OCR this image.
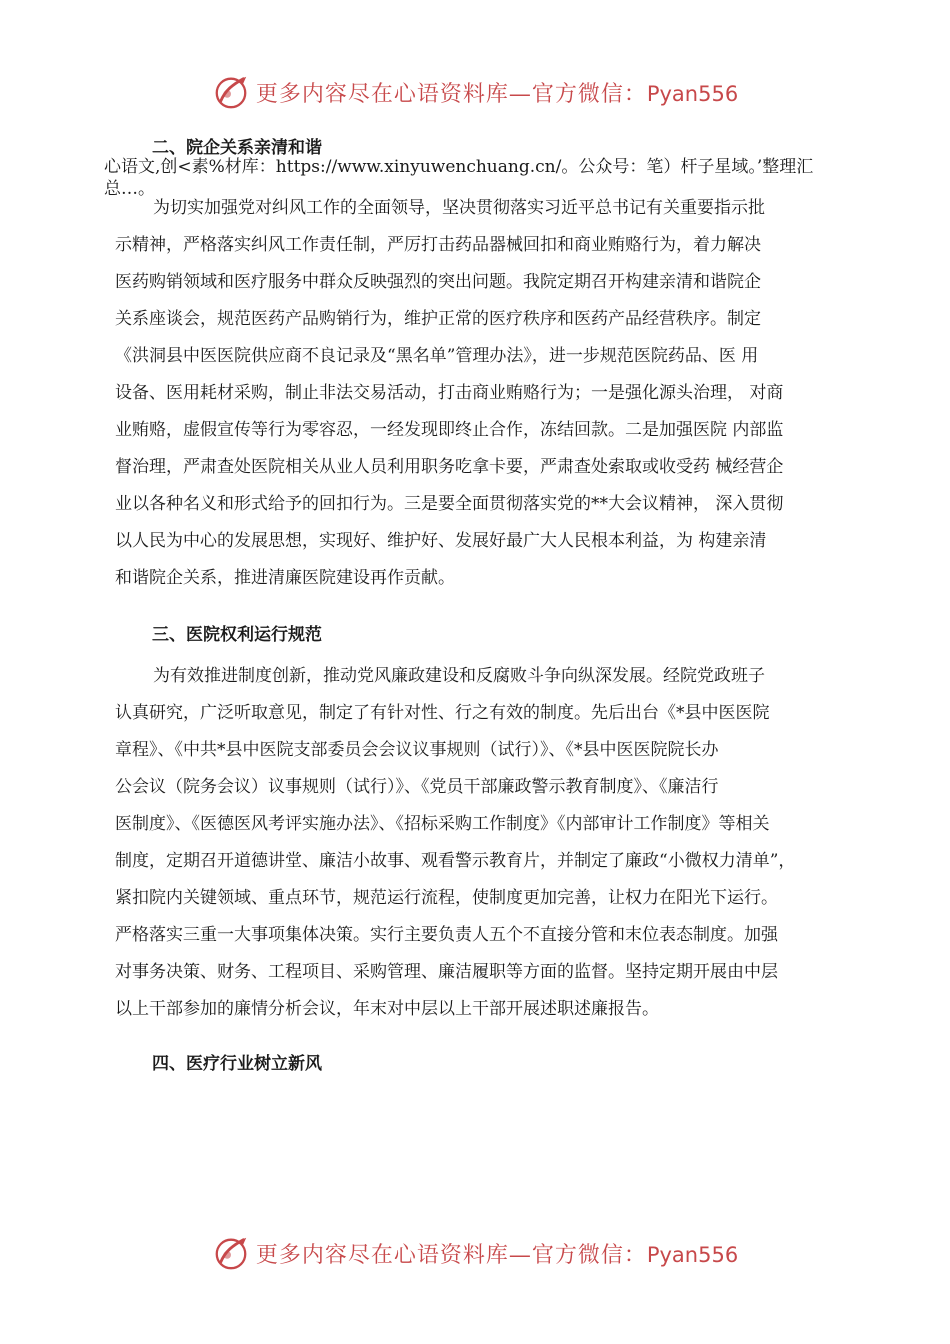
更多内容尽在心语资料库—官方微信：Pyan556
二、院企关系亲清和谐
心语文,创<素%材库：https://www.xinyuwenchuang.cn/。公众号：笔）杆子星域。’整理汇总…。
为切实加强党对纠风工作的全面领导，坚决贯彻落实习近平总书记有关重要指示批
示精神，严格落实纠风工作责任制，严厉打击药品器械回扣和商业贿赂行为，着力解决
医药购销领域和医疗服务中群众反映强烈的突出问题。我院定期召开构建亲清和谐院企
关系座谈会，规范医药产品购销行为，维护正常的医疗秩序和医药产品经营秩序。制定
《洪洞县中医医院供应商不良记录及“黑名单”管理办法》，进一步规范医院药品、医 用
设备、医用耗材采购，制止非法交易活动，打击商业贿赂行为；一是强化源头治理， 对商
业贿赂，虚假宣传等行为零容忍，一经发现即终止合作，冻结回款。二是加强医院 内部监
督治理，严肃查处医院相关从业人员利用职务吃拿卡要，严肃查处索取或收受药 械经营企
业以各种名义和形式给予的回扣行为。三是要全面贯彻落实党的**大会议精神， 深入贯彻
以人民为中心的发展思想，实现好、维护好、发展好最广大人民根本利益，为 构建亲清
和谐院企关系，推进清廉医院建设再作贡献。
三、医院权利运行规范
为有效推进制度创新，推动党风廉政建设和反腐败斗争向纵深发展。经院党政班子
认真研究，广泛听取意见，制定了有针对性、行之有效的制度。先后出台《*县中医医院
章程》、《中共*县中医院支部委员会会议议事规则（试行）》、《*县中医医院院长办
公会议（院务会议）议事规则（试行）》、《党员干部廉政警示教育制度》、《廉洁行
医制度》、《医德医风考评实施办法》、《招标采购工作制度》《内部审计工作制度》等相关
制度，定期召开道德讲堂、廉洁小故事、观看警示教育片，并制定了廉政“小微权力清单”，
紧扣院内关键领域、重点环节，规范运行流程，使制度更加完善，让权力在阳光下运行。
严格落实三重一大事项集体决策。实行主要负责人五个不直接分管和末位表态制度。加强
对事务决策、财务、工程项目、采购管理、廉洁履职等方面的监督。坚持定期开展由中层
以上干部参加的廉情分析会议，年末对中层以上干部开展述职述廉报告。
四、医疗行业树立新风
更多内容尽在心语资料库—官方微信：Pyan556
